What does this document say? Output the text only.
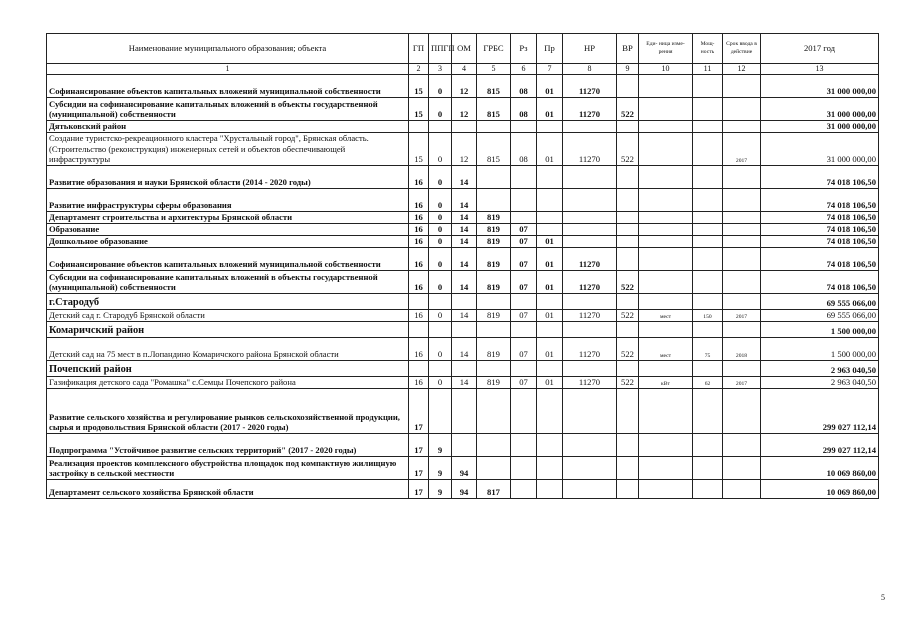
Наименование муниципального образования; объекта	ГП	ППГП	ОМ	ГРБС	Рз	Пр	НР	ВР	Еди- ница изме- рения	Мощ- ность	Срок ввода в действие	2017 год
1	2	3	4	5	6	7	8	9	10	11	12	13
Софинансирование объектов капитальных вложений муниципальной собственности	15	0	12	815	08	01	11270					31 000 000,00
Субсидии на софинансирование капитальных вложений в объекты государственной (муниципальной) собственности	15	0	12	815	08	01	11270	522				31 000 000,00
Дятьковский район												31 000 000,00
Создание туристско-рекреационного кластера "Хрустальный город", Брянская область. (Строительство (реконструкция) инженерных сетей и объектов обеспечивающей инфраструктуры	15	0	12	815	08	01	11270	522			2017	31 000 000,00
Развитие образования и науки Брянской области (2014 - 2020 годы)	16	0	14									74 018 106,50
Развитие инфраструктуры сферы образования	16	0	14									74 018 106,50
Департамент строительства и архитектуры Брянской области	16	0	14	819								74 018 106,50
Образование	16	0	14	819	07							74 018 106,50
Дошкольное образование	16	0	14	819	07	01						74 018 106,50
Софинансирование объектов капитальных вложений муниципальной собственности	16	0	14	819	07	01	11270					74 018 106,50
Субсидии на софинансирование капитальных вложений в объекты государственной (муниципальной) собственности	16	0	14	819	07	01	11270	522				74 018 106,50
г.Стародуб												69 555 066,00
Детский сад г. Стародуб Брянской области	16	0	14	819	07	01	11270	522	мест	150	2017	69 555 066,00
Комаричский район												1 500 000,00
Детский сад на 75 мест в п.Лопандино Комаричского района Брянской области	16	0	14	819	07	01	11270	522	мест	75	2018	1 500 000,00
Почепский район												2 963 040,50
Газификация детского сада "Ромашка" с.Семцы Почепского района	16	0	14	819	07	01	11270	522	кВт	62	2017	2 963 040,50
Развитие сельского хозяйства и регулирование рынков сельскохозяйственной продукции, сырья и продовольствия Брянской области (2017 - 2020 годы)	17											299 027 112,14
Подпрограмма "Устойчивое развитие сельских территорий" (2017 - 2020 годы)	17	9										299 027 112,14
Реализация проектов комплексного обустройства площадок под компактную жилищную застройку в сельской местности	17	9	94									10 069 860,00
Департамент сельского хозяйства Брянской области	17	9	94	817								10 069 860,00
5
